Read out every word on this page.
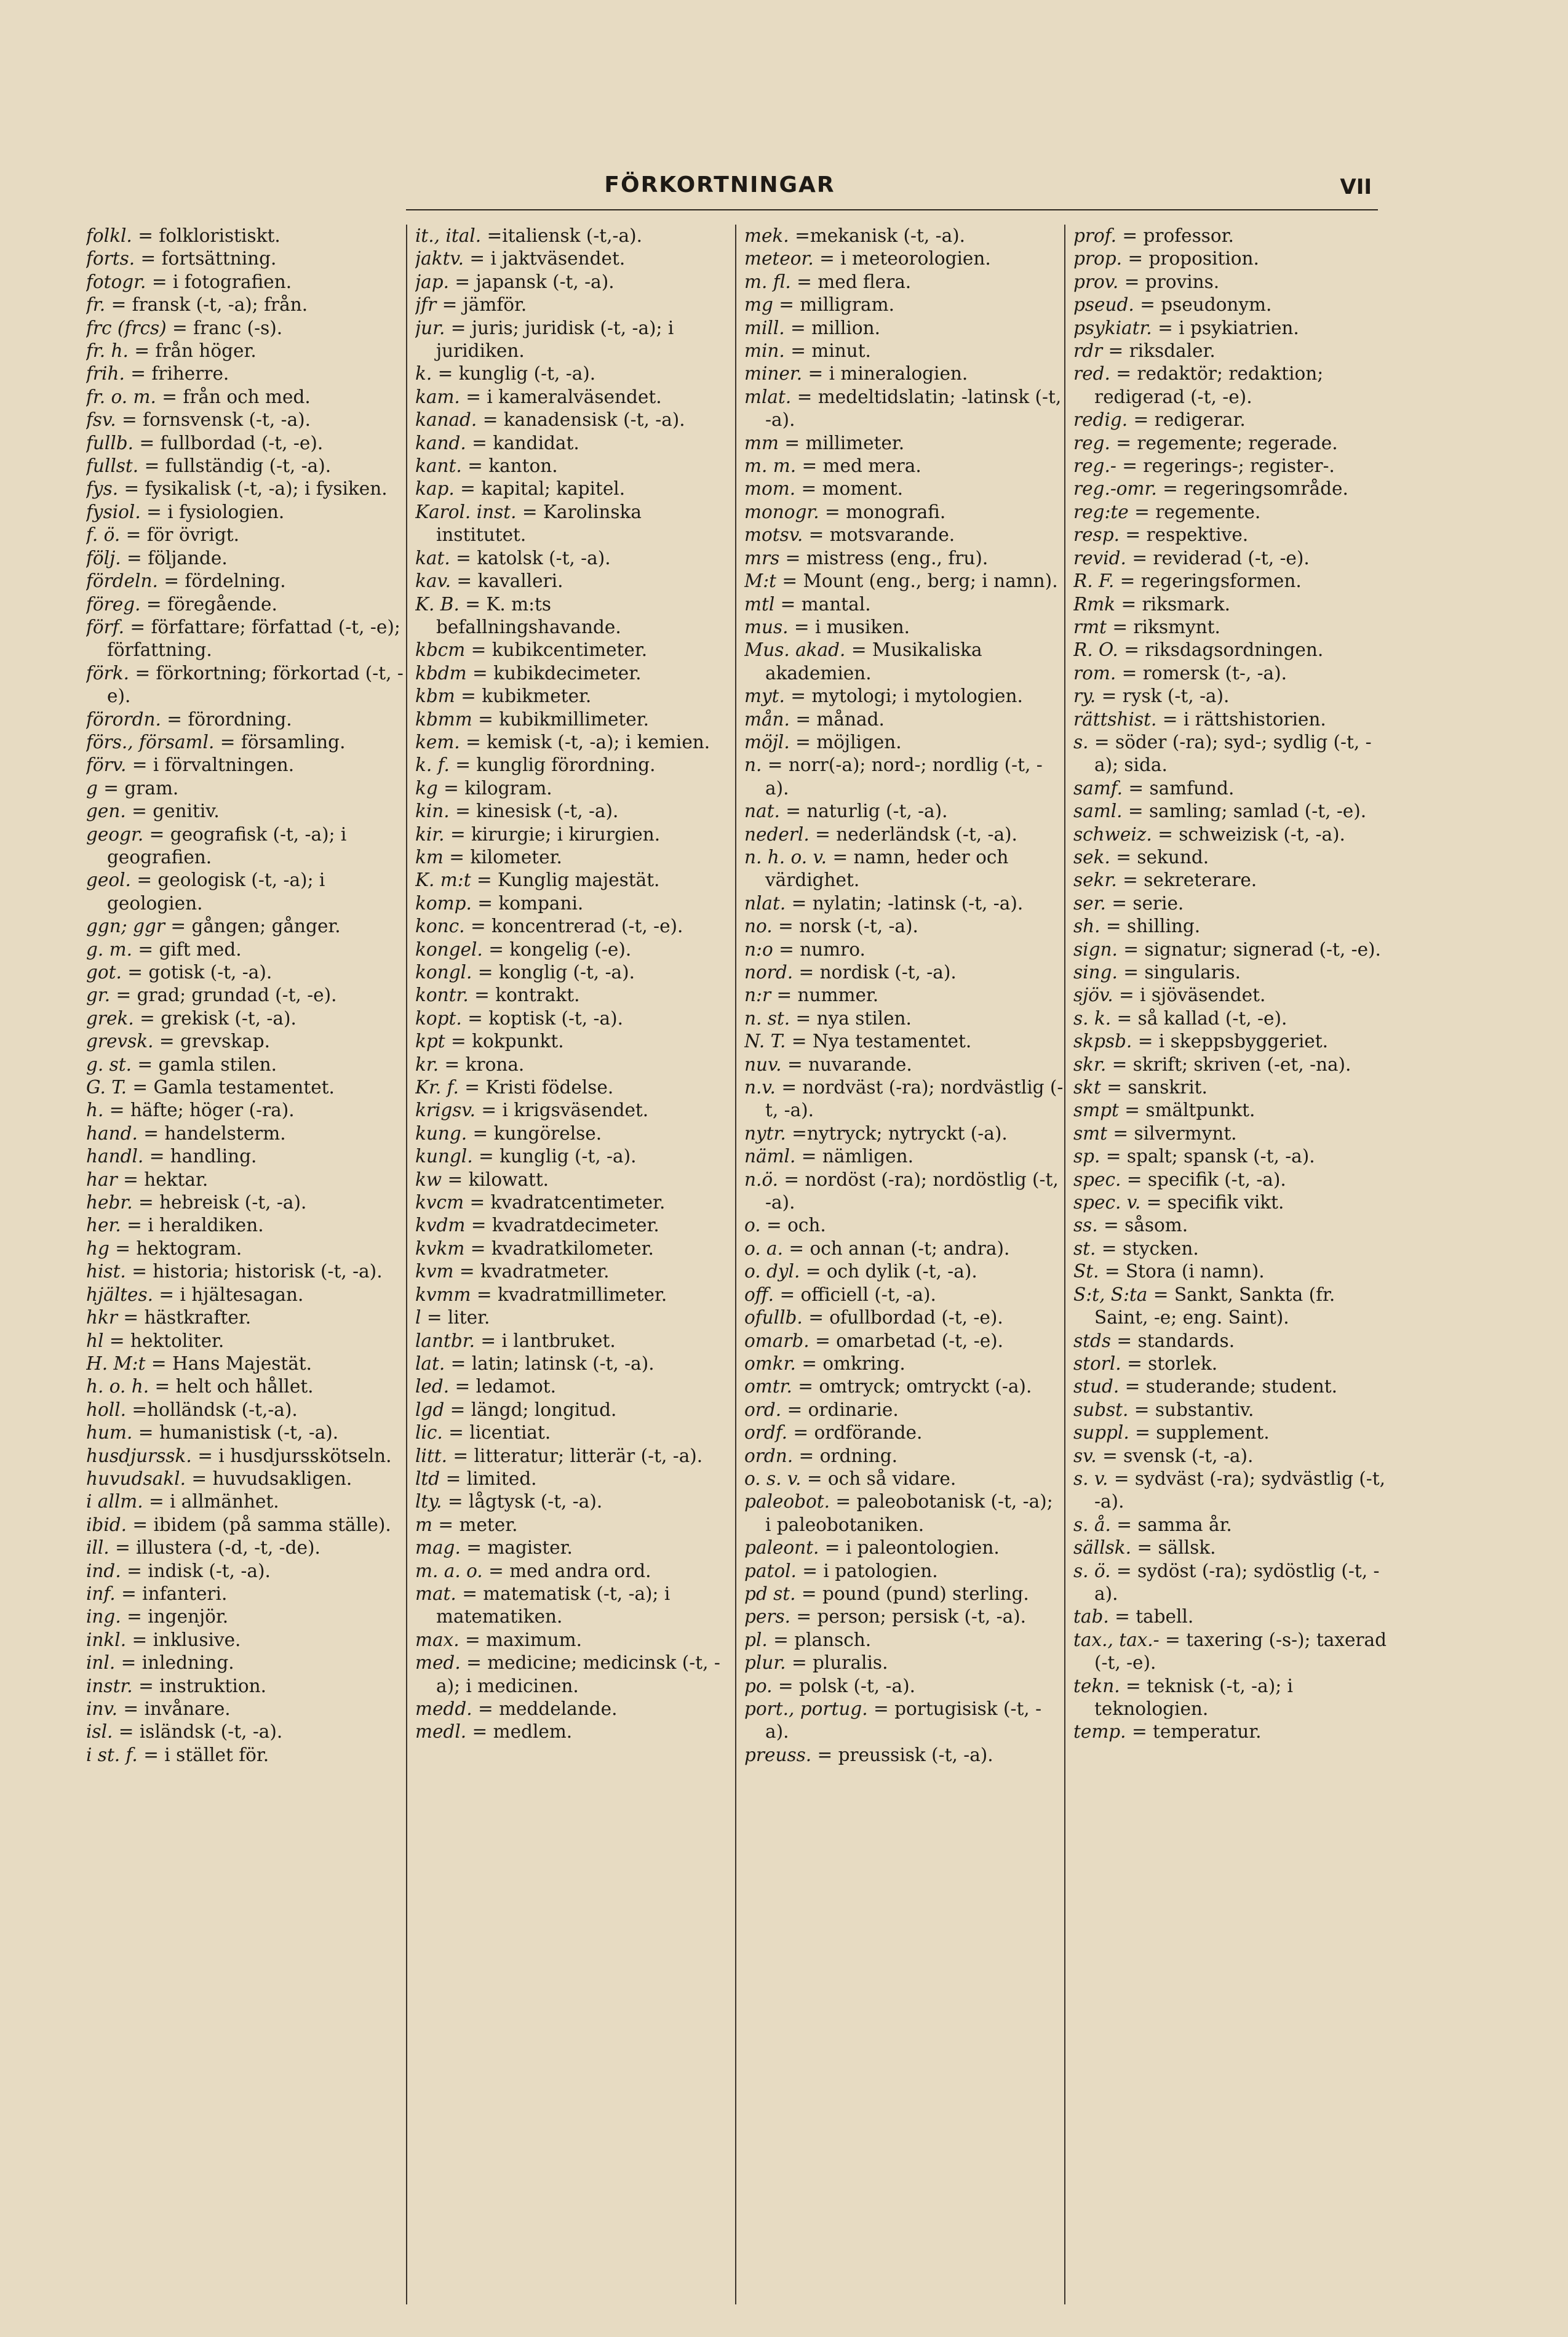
FÖRKORTNINGAR	VII

folkl. = folkloristiskt.

forts. = fortsättning.

fotogr. = i fotografien.

fr. = fransk (-t, -a); från.

frc (frcs) = franc (-s).

fr. h. = från höger.

frih. = friherre.

fr. o. m. = från och med.

fsv. = fornsvensk (-t, -a).

fullb. = fullbordad (-t, -e).

fullst. = fullständig (-t, -a).

fys. = fysikalisk (-t, -a); i fysiken.

fysiol. = i fysiologien.

f. ö. = för övrigt.

följ. = följande.

fördeln. = fördelning.

föreg. = föregående.

förf. = författare; författad (-t, -e); författning.

förk. = förkortning; förkortad (-t, -e).

förordn. = förordning.

förs., församl. = församling.

förv. = i förvaltningen.

g = gram.

gen. = genitiv.

geogr. = geografisk (-t, -a); i geografien.

geol. = geologisk (-t, -a); i geologien.

ggn; ggr = gången; gånger.

g. m. = gift med.

got. = gotisk (-t, -a).

gr. = grad; grundad (-t, -e).

grek. = grekisk (-t, -a).

grevsk. = grevskap.

g. st. = gamla stilen.

G. T. = Gamla testamentet.

h. = häfte; höger (-ra).

hand. = handelsterm.

handl. = handling.

har = hektar.

hebr. = hebreisk (-t, -a).

her. = i heraldiken.

hg = hektogram.

hist. = historia; historisk (-t, -a).

hjältes. = i hjältesagan.

hkr = hästkrafter.

hl = hektoliter.

H. M:t = Hans Majestät.

h. o. h. = helt och hållet.

holl. =holländsk (-t,-a).

hum. = humanistisk (-t, -a).

husdjurssk. = i husdjursskötseln.

huvudsakl. = huvudsakligen.

i allm. = i allmänhet.

ibid. = ibidem (på samma ställe).

ill. = illustera (-d, -t, -de).

ind. = indisk (-t, -a).

inf. = infanteri.

ing. = ingenjör.

inkl. = inklusive.

inl. = inledning.

instr. = instruktion.

inv. = invånare.

isl. = isländsk (-t, -a).

i st. f. = i stället för.

it., ital. =italiensk (-t,-a).

jaktv. = i jaktväsendet.

jap. = japansk (-t, -a).

jfr = jämför.

jur. = juris; juridisk (-t, -a); i juridiken.

k. = kunglig (-t, -a).

kam. = i kameralväsendet.

kanad. = kanadensisk (-t, -a).

kand. = kandidat.

kant. = kanton.

kap. = kapital; kapitel.

Karol. inst. = Karolinska institutet.

kat. = katolsk (-t, -a).

kav. = kavalleri.

K. B. = K. m:ts befallningshavande.

kbcm = kubikcentimeter.

kbdm = kubikdecimeter.

kbm = kubikmeter.

kbmm = kubikmillimeter.

kem. = kemisk (-t, -a); i kemien.

k. f. = kunglig förordning.

kg = kilogram.

kin. = kinesisk (-t, -a).

kir. = kirurgie; i kirurgien.

km = kilometer.

K. m:t = Kunglig majestät.

komp. = kompani.

konc. = koncentrerad (-t, -e).

kongel. = kongelig (-e).

kongl. = konglig (-t, -a).

kontr. = kontrakt.

kopt. = koptisk (-t, -a).

kpt = kokpunkt.

kr. = krona.

Kr. f. = Kristi födelse.

krigsv. = i krigsväsendet.

kung. = kungörelse.

kungl. = kunglig (-t, -a).

kw = kilowatt.

kvcm = kvadratcentimeter.

kvdm = kvadratdecimeter.

kvkm = kvadratkilometer.

kvm = kvadratmeter.

kvmm = kvadratmillimeter.

l = liter.

lantbr. = i lantbruket.

lat. = latin; latinsk (-t, -a).

led. = ledamot.

lgd = längd; longitud.

lic. = licentiat.

litt. = litteratur; litterär (-t, -a).

ltd = limited.

lty. = lågtysk (-t, -a).

m = meter.

mag. = magister.

m. a. o. = med andra ord.

mat. = matematisk (-t, -a); i matematiken.

max. = maximum.

med. = medicine; medicinsk (-t, -a); i medicinen.

medd. = meddelande.

medl. = medlem.

mek. =mekanisk (-t, -a).

meteor. = i meteorologien.

m. fl. = med flera.

mg = milligram.

mill. = million.

min. = minut.

miner. = i mineralogien.

mlat. = medeltidslatin; -latinsk (-t, -a).

mm = millimeter.

m. m. = med mera.

mom. = moment.

monogr. = monografi.

motsv. = motsvarande.

mrs = mistress (eng., fru).

M:t = Mount (eng., berg; i namn).

mtl = mantal.

mus. = i musiken.

Mus. akad. = Musikaliska akademien.

myt. = mytologi; i mytologien.

mån. = månad.

möjl. = möjligen.

n. = norr(-a); nord-; nordlig (-t, -a).

nat. = naturlig (-t, -a).

nederl. = nederländsk (-t, -a).

n. h. o. v. = namn, heder och värdighet.

nlat. = nylatin; -latinsk (-t, -a).

no. = norsk (-t, -a).

n:o = numro.

nord. = nordisk (-t, -a).

n:r = nummer.

n. st. = nya stilen.

N. T. = Nya testamentet.

nuv. = nuvarande.

n.v. = nordväst (-ra); nordvästlig (-t, -a).

nytr. =nytryck; nytryckt (-a).

näml. = nämligen.

n.ö. = nordöst (-ra); nordöstlig (-t, -a).

o. = och.

o. a. = och annan (-t; andra).

o. dyl. = och dylik (-t, -a).

off. = officiell (-t, -a).

ofullb. = ofullbordad (-t, -e).

omarb. = omarbetad (-t, -e).

omkr. = omkring.

omtr. = omtryck; omtryckt (-a).

ord. = ordinarie.

ordf. = ordförande.

ordn. = ordning.

o. s. v. = och så vidare.

paleobot. = paleobotanisk (-t, -a); i paleobotaniken.

paleont. = i paleontologien.

patol. = i patologien.

pd st. = pound (pund) sterling.

pers. = person; persisk (-t, -a).

pl. = plansch.

plur. = pluralis.

po. = polsk (-t, -a).

port., portug. = portugisisk (-t, -a).

preuss. = preussisk (-t, -a).

prof. = professor.

prop. = proposition.

prov. = provins.

pseud. = pseudonym.

psykiatr. = i psykiatrien.

rdr = riksdaler.

red. = redaktör; redaktion; redigerad (-t, -e).

redig. = redigerar.

reg. = regemente; regerade.

reg.- = regerings-; register-.

reg.-omr. = regeringsområde.

reg:te = regemente.

resp. = respektive.

revid. = reviderad (-t, -e).

R. F. = regeringsformen.

Rmk = riksmark.

rmt = riksmynt.

R. O. = riksdagsordningen.

rom. = romersk (t-, -a).

ry. = rysk (-t, -a).

rättshist. = i rättshistorien.

s. = söder (-ra); syd-; sydlig (-t, -a); sida.

samf. = samfund.

saml. = samling; samlad (-t, -e).

schweiz. = schweizisk (-t, -a).

sek. = sekund.

sekr. = sekreterare.

ser. = serie.

sh. = shilling.

sign. = signatur; signerad (-t, -e).

sing. = singularis.

sjöv. = i sjöväsendet.

s. k. = så kallad (-t, -e).

skpsb. = i skeppsbyggeriet.

skr. = skrift; skriven (-et, -na).

skt = sanskrit.

smpt = smältpunkt.

smt = silvermynt.

sp. = spalt; spansk (-t, -a).

spec. = specifik (-t, -a).

spec. v. = specifik vikt.

ss. = såsom.

st. = stycken.

St. = Stora (i namn).

S:t, S:ta = Sankt, Sankta (fr. Saint, -e; eng. Saint).

stds = standards.

storl. = storlek.

stud. = studerande; student.

subst. = substantiv.

suppl. = supplement.

sv. = svensk (-t, -a).

s. v. = sydväst (-ra); sydvästlig (-t, -a).

s. å. = samma år.

sällsk. = sällsk.

s. ö. = sydöst (-ra); sydöstlig (-t, -a).

tab. = tabell.

tax., tax.- = taxering (-s-); taxerad (-t, -e).

tekn. = teknisk (-t, -a); i teknologien.

temp. = temperatur.
